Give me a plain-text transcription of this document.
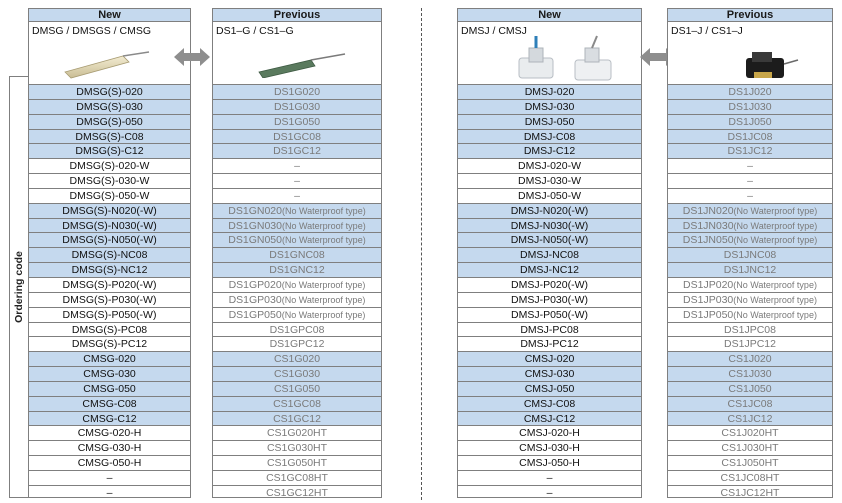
Ordering code
New
DMSG / DMSGS / CMSG
DMSG(S)-020
DMSG(S)-030
DMSG(S)-050
DMSG(S)-C08
DMSG(S)-C12
DMSG(S)-020-W
DMSG(S)-030-W
DMSG(S)-050-W
DMSG(S)-N020(-W)
DMSG(S)-N030(-W)
DMSG(S)-N050(-W)
DMSG(S)-NC08
DMSG(S)-NC12
DMSG(S)-P020(-W)
DMSG(S)-P030(-W)
DMSG(S)-P050(-W)
DMSG(S)-PC08
DMSG(S)-PC12
CMSG-020
CMSG-030
CMSG-050
CMSG-C08
CMSG-C12
CMSG-020-H
CMSG-030-H
CMSG-050-H
–
–
Previous
DS1–G / CS1–G
DS1G020
DS1G030
DS1G050
DS1GC08
DS1GC12
–
–
–
DS1GN020(No Waterproof type)
DS1GN030(No Waterproof type)
DS1GN050(No Waterproof type)
DS1GNC08
DS1GNC12
DS1GP020(No Waterproof type)
DS1GP030(No Waterproof type)
DS1GP050(No Waterproof type)
DS1GPC08
DS1GPC12
CS1G020
CS1G030
CS1G050
CS1GC08
CS1GC12
CS1G020HT
CS1G030HT
CS1G050HT
CS1GC08HT
CS1GC12HT
New
DMSJ / CMSJ
DMSJ-020
DMSJ-030
DMSJ-050
DMSJ-C08
DMSJ-C12
DMSJ-020-W
DMSJ-030-W
DMSJ-050-W
DMSJ-N020(-W)
DMSJ-N030(-W)
DMSJ-N050(-W)
DMSJ-NC08
DMSJ-NC12
DMSJ-P020(-W)
DMSJ-P030(-W)
DMSJ-P050(-W)
DMSJ-PC08
DMSJ-PC12
CMSJ-020
CMSJ-030
CMSJ-050
CMSJ-C08
CMSJ-C12
CMSJ-020-H
CMSJ-030-H
CMSJ-050-H
–
–
Previous
DS1–J / CS1–J
DS1J020
DS1J030
DS1J050
DS1JC08
DS1JC12
–
–
–
DS1JN020(No Waterproof type)
DS1JN030(No Waterproof type)
DS1JN050(No Waterproof type)
DS1JNC08
DS1JNC12
DS1JP020(No Waterproof type)
DS1JP030(No Waterproof type)
DS1JP050(No Waterproof type)
DS1JPC08
DS1JPC12
CS1J020
CS1J030
CS1J050
CS1JC08
CS1JC12
CS1J020HT
CS1J030HT
CS1J050HT
CS1JC08HT
CS1JC12HT
